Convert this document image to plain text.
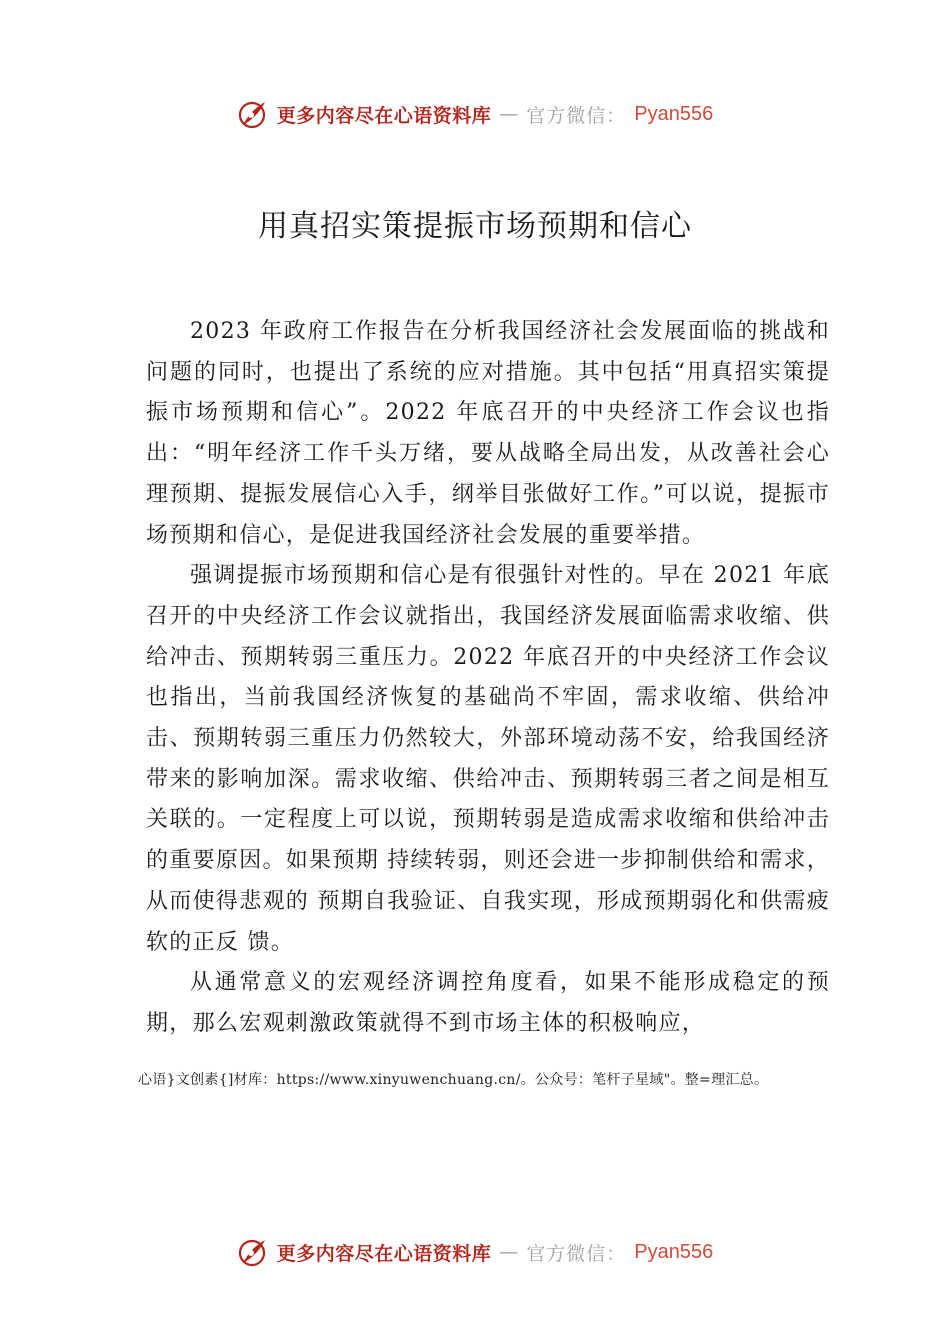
更多内容尽在心语资料库 — 官方微信： Pyan556
用真招实策提振市场预期和信心

2023 年政府工作报告在分析我国经济社会发展面临的挑战和问题的同时，也提出了系统的应对措施。其中包括“用真招实策提振市场预期和信心”。2022 年底召开的中央经济工作会议也指出：“明年经济工作千头万绪，要从战略全局出发，从改善社会心理预期、提振发展信心入手，纲举目张做好工作。”可以说，提振市场预期和信心，是促进我国经济社会发展的重要举措。

强调提振市场预期和信心是有很强针对性的。早在 2021 年底召开的中央经济工作会议就指出，我国经济发展面临需求收缩、供给冲击、预期转弱三重压力。2022 年底召开的中央经济工作会议也指出，当前我国经济恢复的基础尚不牢固，需求收缩、供给冲击、预期转弱三重压力仍然较大，外部环境动荡不安，给我国经济带来的影响加深。需求收缩、供给冲击、预期转弱三者之间是相互关联的。一定程度上可以说，预期转弱是造成需求收缩和供给冲击的重要原因。如果预期 持续转弱，则还会进一步抑制供给和需求，从而使得悲观的 预期自我验证、自我实现，形成预期弱化和供需疲软的正反 馈。

从通常意义的宏观经济调控角度看，如果不能形成稳定的预期，那么宏观刺激政策就得不到市场主体的积极响应，

心语}文创素{]材库：https://www.xinyuwenchuang.cn/。公众号：笔杆子星域"。整=理汇总。
更多内容尽在心语资料库 — 官方微信： Pyan556
